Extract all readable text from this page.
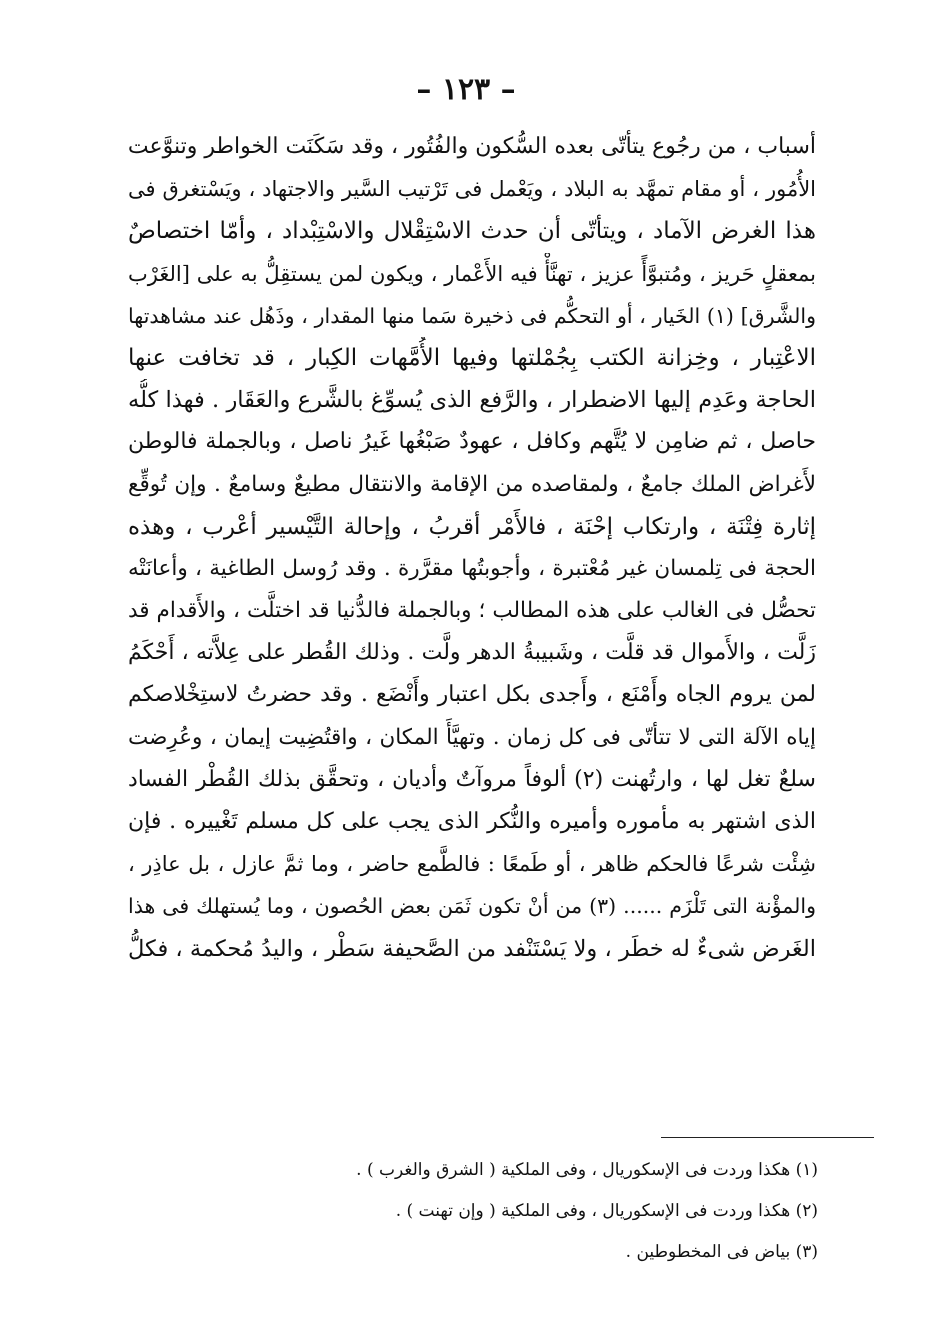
– ١٢٣ –
أسباب ، من رجُوع يتأتّى بعده السُّكون والفُتُور ، وقد سَكَنَت الخواطر وتنوَّعت
الأُمُور ، أو مقام تمهَّد به البلاد ، ويَعْمل فى تَرْتيب السَّير والاجتهاد ، ويَسْتغرق فى
هذا الغرض الآماد ، ويتأتّى أن حدث الاسْتِقْلال والاسْتِبْداد ، وأمّا اختصاصٌ
بمعقلٍ حَريز ، ومُتبوَّأً عزيز ، تهنَّأْ فيه الأَعْمار ، ويكون لمن يستقِلُّ به على [الغَرْب
والشَّرق] (١) الخَيار ، أو التحكُّم فى ذخيرة سَما منها المقدار ، وذَهُل عند مشاهدتها
الاعْتِبار ، وخِزانة الكتب بِجُمْلتها وفيها الأُمَّهات الكِبار ، قد تخافت عنها
الحاجة وعَدِم إليها الاضطرار ، والرَّفع الذى يُسوِّغ بالشَّرع والعَقَار . فهذا كلُّه
حاصل ، ثم ضامِن لا يُتَّهم وكافل ، عهودٌ صَبْغُها غَيرُ ناصل ، وبالجملة فالوطن
لأَغراض الملك جامعٌ ، ولمقاصده من الإقامة والانتقال مطيعٌ وسامعٌ . وإن تُوقِّع
إثارة فِتْنَة ، وارتكاب إحْنَة ، فالأَمْر أقربُ ، وإحالة التَّيْسير أعْرب ، وهذه
الحجة فى تِلمسان غير مُعْتبرة ، وأجوبتُها مقرَّرة . وقد رُوسل الطاغية ، وأعانَتْه
تحصُّل فى الغالب على هذه المطالب ؛ وبالجملة فالدُّنيا قد اختلَّت ، والأَقدام قد
زَلَّت ، والأَموال قد قلَّت ، وشَبيبةُ الدهر ولَّت . وذلك القُطر على عِلاَّته ، أَحْكَمُ
لمن يروم الجاه وأَمْنَع ، وأَجدى بكل اعتبار وأَنْضَع . وقد حضرتُ لاستِخْلاصكم
إياه الآلة التى لا تتأتّى فى كل زمان . وتهيَّأَ المكان ، واقتُضِيت إيمان ، وعُرِضت
سلعٌ تغل لها ، وارتُهنت (٢) ألوفاً مروآتٌ وأديان ، وتحقَّق بذلك القُطْر الفساد
الذى اشتهر به مأموره وأميره والنُّكر الذى يجب على كل مسلم تَغْييره . فإن
شِئْت شرعًا فالحكم ظاهر ، أو طَمعًا : فالطَّمع حاضر ، وما ثمَّ عازل ، بل عاذِر ،
والمؤْنة التى تَلْزَم ...... (٣) من أنْ تكون ثَمَن بعض الحُصون ، وما يُستهلك فى هذا
الغَرض شىءٌ له خطَر ، ولا يَسْتَنْفد من الصَّحيفة سَطْر ، واليدُ مُحكمة ، فكلُّ
(١) هكذا وردت فى الإسكوريال ، وفى الملكية ( الشرق والغرب ) .
(٢) هكذا وردت فى الإسكوريال ، وفى الملكية ( وإن تهنت ) .
(٣) بياض فى المخطوطين .
